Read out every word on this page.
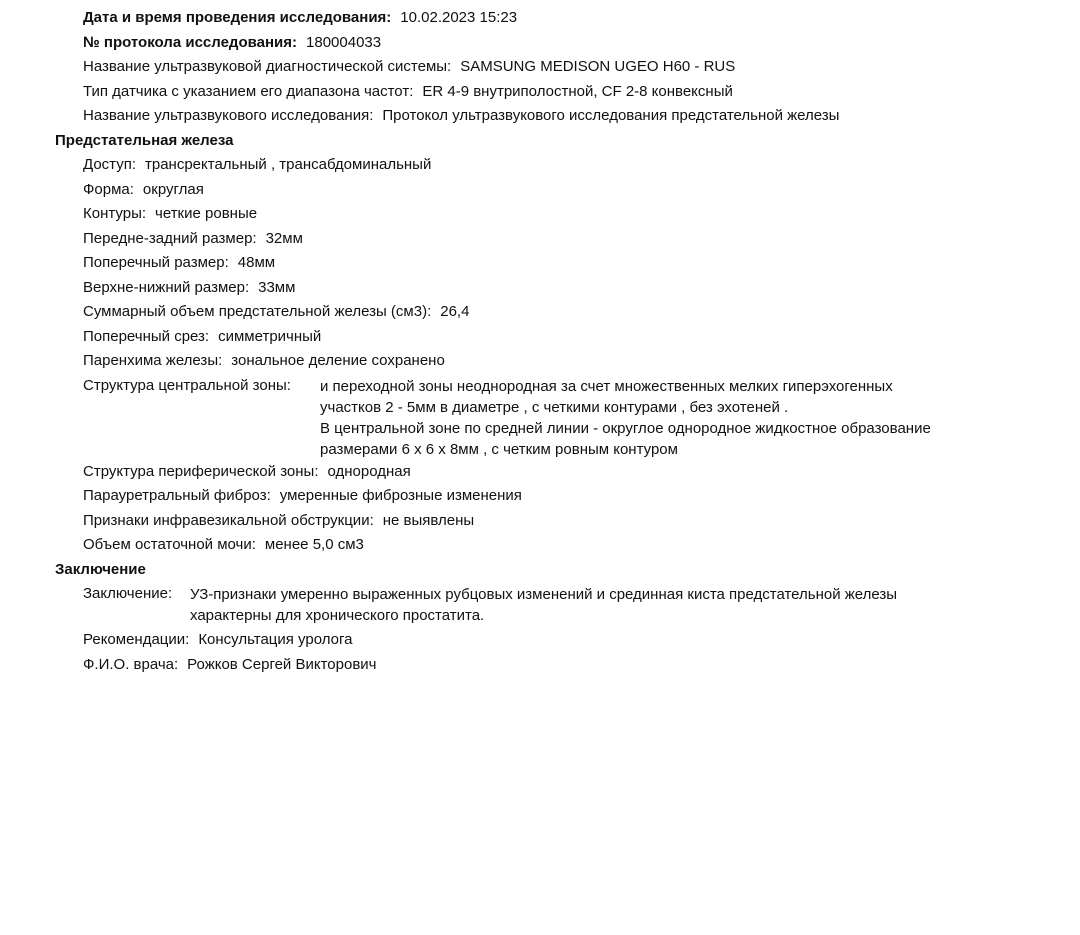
Дата и время проведения исследования: 10.02.2023 15:23
№ протокола исследования: 180004033
Название ультразвуковой диагностической системы: SAMSUNG MEDISON UGEO H60 - RUS
Тип датчика с указанием его диапазона частот: ER 4-9 внутриполостной, CF 2-8 конвексный
Название ультразвукового исследования: Протокол ультразвукового исследования предстательной железы
Предстательная железа
Доступ: трансректальный , трансабдоминальный
Форма: округлая
Контуры: четкие ровные
Передне-задний размер: 32мм
Поперечный размер: 48мм
Верхне-нижний размер: 33мм
Суммарный объем предстательной железы (см3): 26,4
Поперечный срез: симметричный
Паренхима железы: зональное деление сохранено
Структура центральной зоны: и переходной зоны неоднородная за счет множественных мелких гиперэхогенных
участков 2 - 5мм в диаметре , с четкими контурами , без эхотеней .
В центральной зоне по средней линии - округлое однородное жидкостное образование
размерами 6 х 6 х 8мм , с четким ровным контуром
Структура периферической зоны: однородная
Парауретральный фиброз: умеренные фиброзные изменения
Признаки инфравезикальной обструкции: не выявлены
Объем остаточной мочи: менее 5,0 см3
Заключение
Заключение: УЗ-признаки умеренно выраженных рубцовых изменений и срединная киста предстательной железы
характерны для хронического простатита.
Рекомендации: Консультация уролога
Ф.И.О. врача: Рожков Сергей Викторович
